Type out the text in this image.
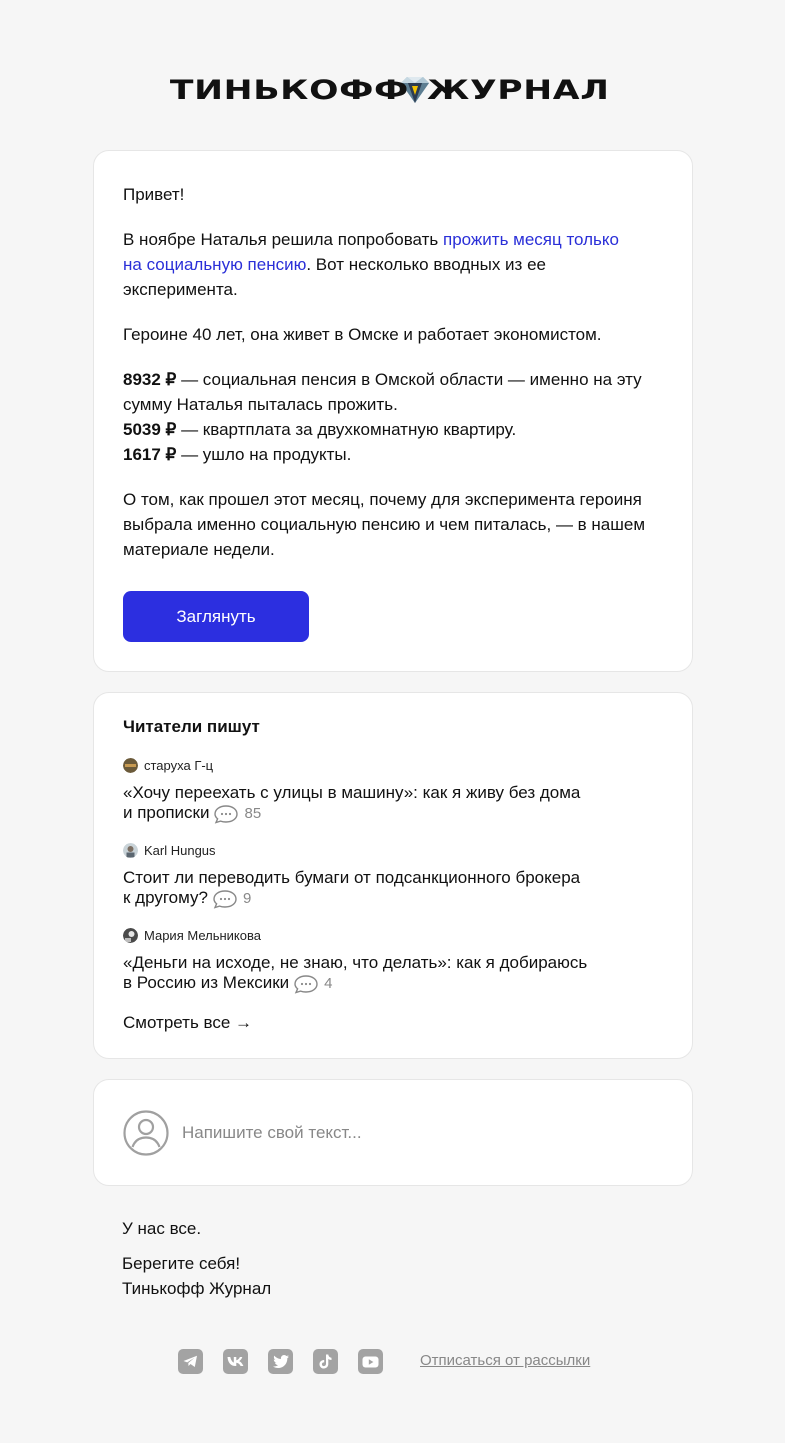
ТИНЬКОФФ ЖУРНАЛ
Привет!
В ноябре Наталья решила попробовать прожить месяц только на социальную пенсию. Вот несколько вводных из ее эксперимента.
Героине 40 лет, она живет в Омске и работает экономистом.
8932 ₽ — социальная пенсия в Омской области — именно на эту сумму Наталья пыталась прожить.
5039 ₽ — квартплата за двухкомнатную квартиру.
1617 ₽ — ушло на продукты.
О том, как прошел этот месяц, почему для эксперимента героиня выбрала именно социальную пенсию и чем питалась, — в нашем материале недели.
Заглянуть
Читатели пишут
старуха Г-ц
«Хочу переехать с улицы в машину»: как я живу без дома
и прописки 85
Karl Hungus
Стоит ли переводить бумаги от подсанкционного брокера
к другому? 9
Мария Мельникова
«Деньги на исходе, не знаю, что делать»: как я добираюсь
в Россию из Мексики 4
Смотреть все →
Напишите свой текст...
У нас все.
Берегите себя!
Тинькофф Журнал
Отписаться от рассылки
